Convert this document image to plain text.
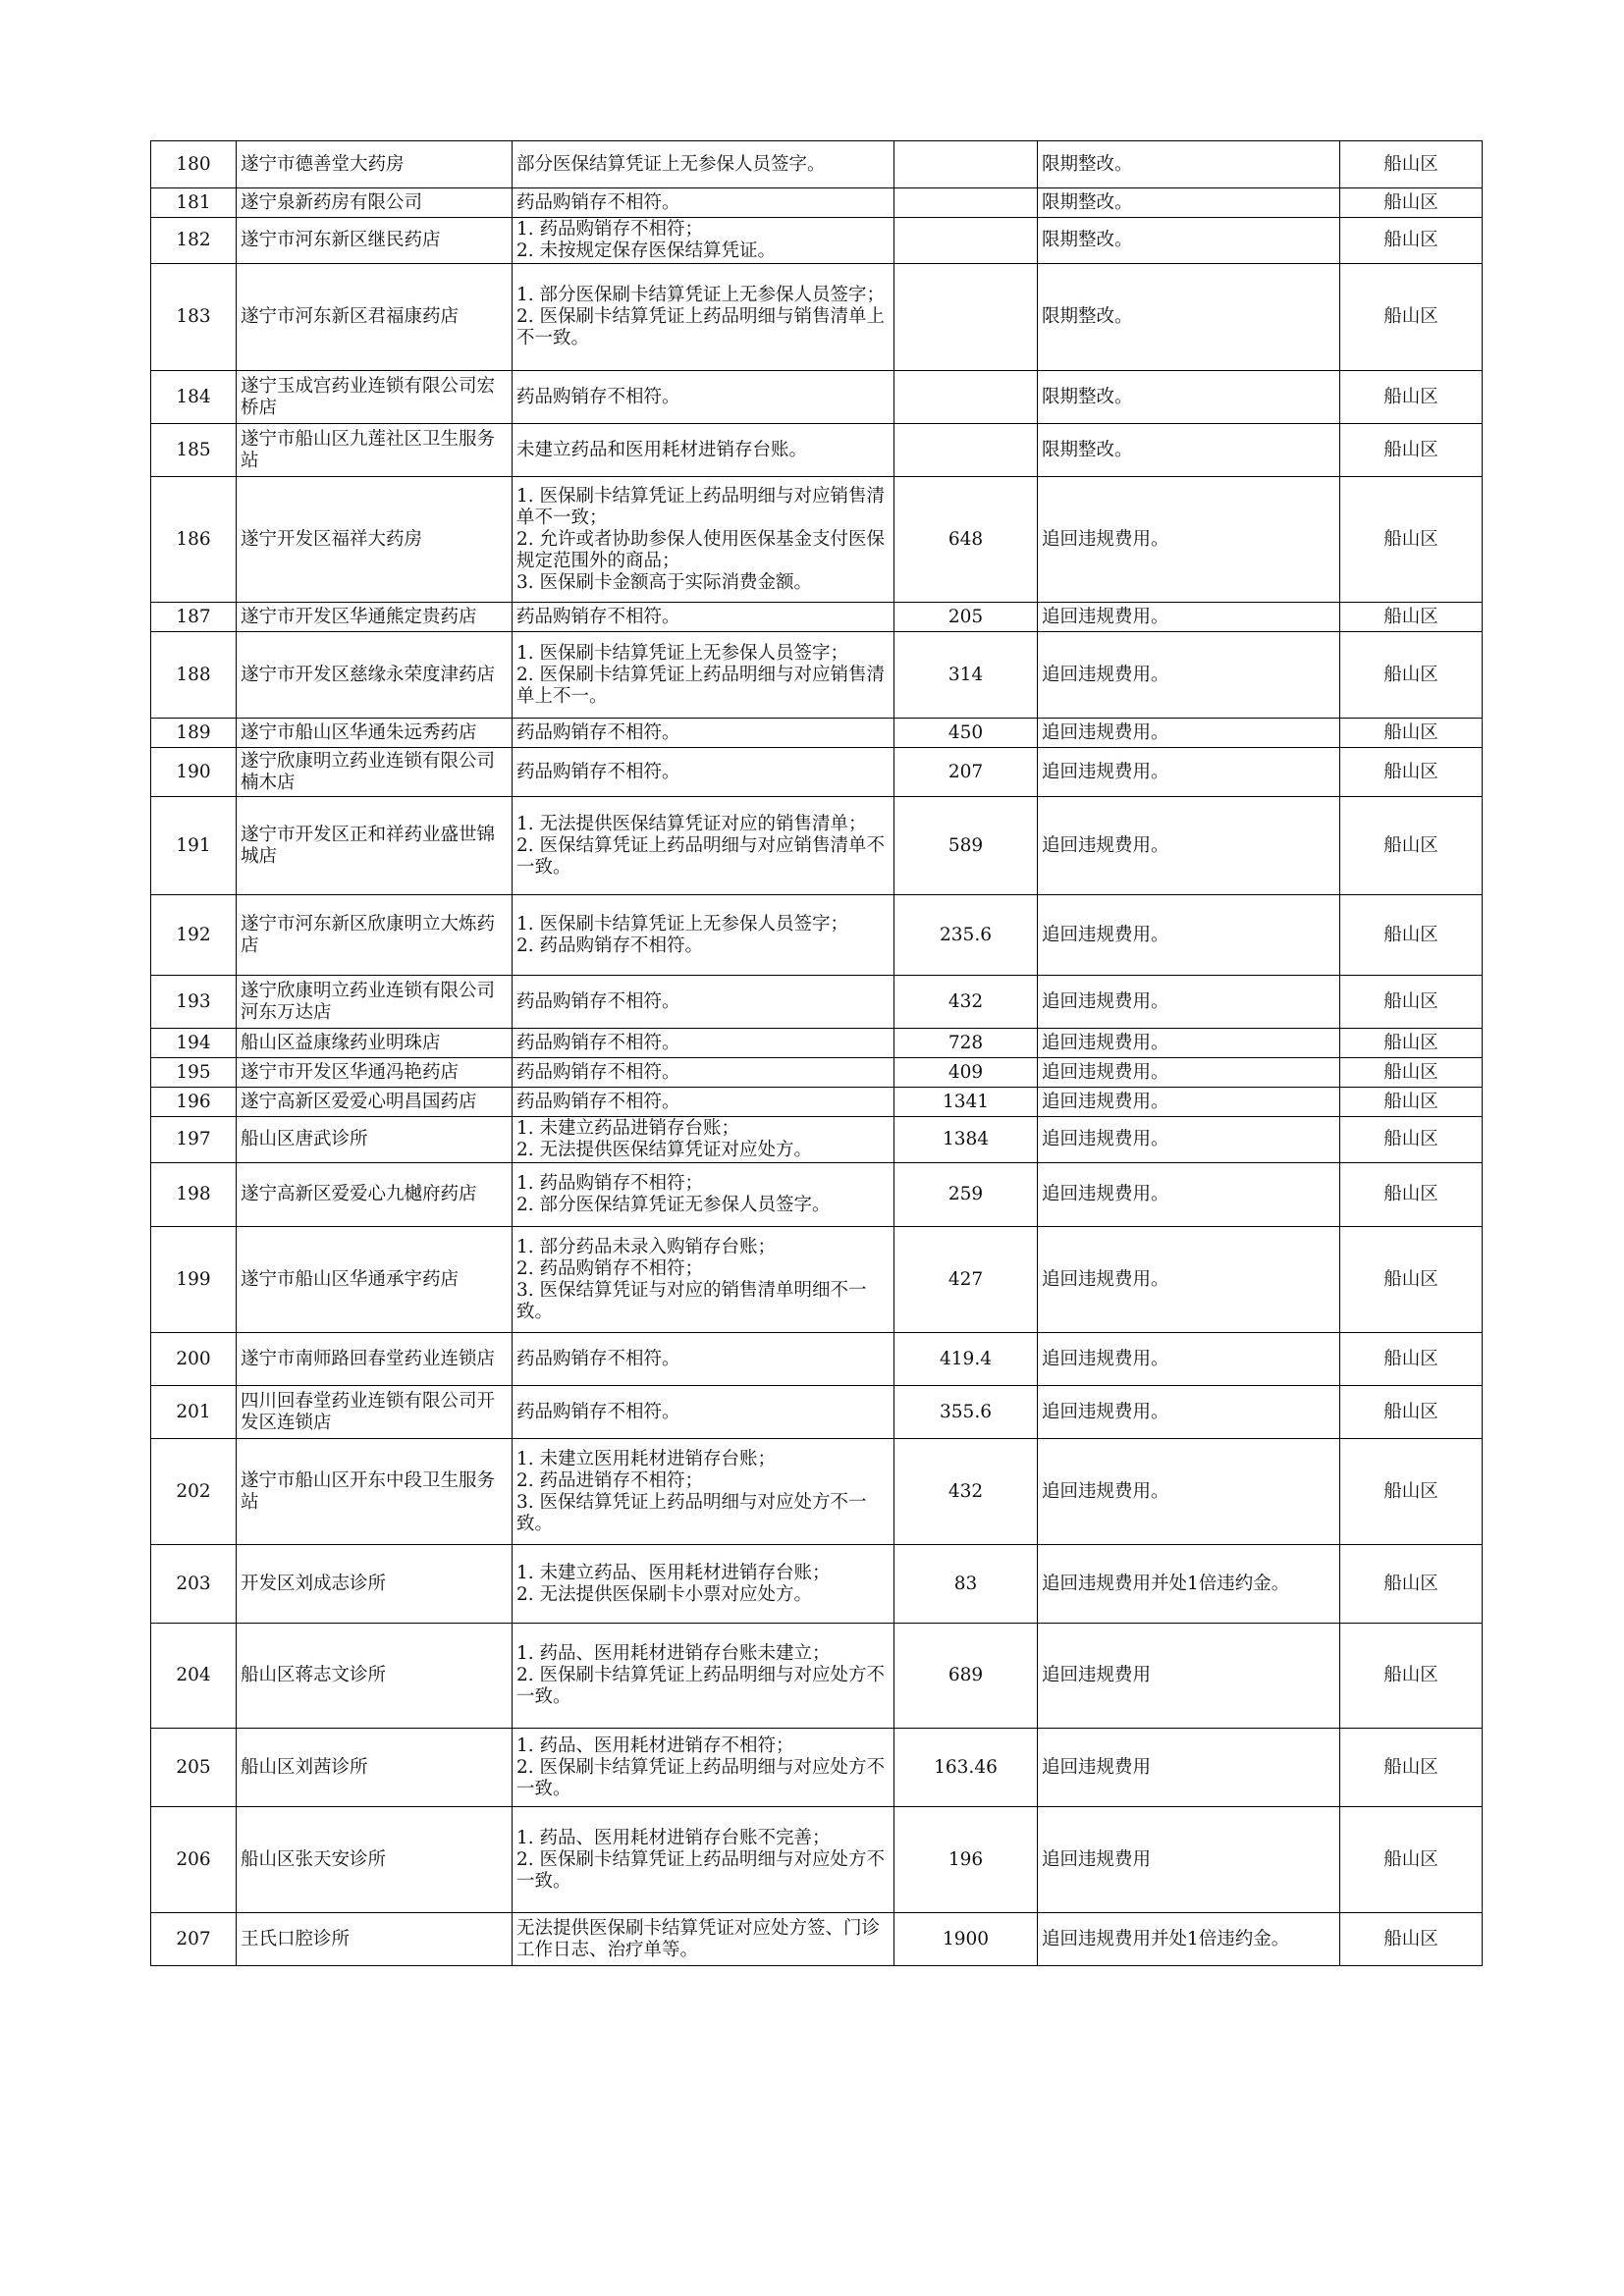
180	遂宁市德善堂大药房	部分医保结算凭证上无参保人员签字。		限期整改。	船山区
181	遂宁泉新药房有限公司	药品购销存不相符。		限期整改。	船山区
182	遂宁市河东新区继民药店	1. 药品购销存不相符；
2. 未按规定保存医保结算凭证。		限期整改。	船山区
183	遂宁市河东新区君福康药店	1. 部分医保刷卡结算凭证上无参保人员签字；
2. 医保刷卡结算凭证上药品明细与销售清单上不一致。		限期整改。	船山区
184	遂宁玉成宫药业连锁有限公司宏桥店	药品购销存不相符。		限期整改。	船山区
185	遂宁市船山区九莲社区卫生服务站	未建立药品和医用耗材进销存台账。		限期整改。	船山区
186	遂宁开发区福祥大药房	1. 医保刷卡结算凭证上药品明细与对应销售清单不一致；
2. 允许或者协助参保人使用医保基金支付医保规定范围外的商品；
3. 医保刷卡金额高于实际消费金额。	648	追回违规费用。	船山区
187	遂宁市开发区华通熊定贵药店	药品购销存不相符。	205	追回违规费用。	船山区
188	遂宁市开发区慈缘永荣度津药店	1. 医保刷卡结算凭证上无参保人员签字；
2. 医保刷卡结算凭证上药品明细与对应销售清单上不一。	314	追回违规费用。	船山区
189	遂宁市船山区华通朱远秀药店	药品购销存不相符。	450	追回违规费用。	船山区
190	遂宁欣康明立药业连锁有限公司楠木店	药品购销存不相符。	207	追回违规费用。	船山区
191	遂宁市开发区正和祥药业盛世锦城店	1. 无法提供医保结算凭证对应的销售清单；
2. 医保结算凭证上药品明细与对应销售清单不一致。	589	追回违规费用。	船山区
192	遂宁市河东新区欣康明立大炼药店	1. 医保刷卡结算凭证上无参保人员签字；
2. 药品购销存不相符。	235.6	追回违规费用。	船山区
193	遂宁欣康明立药业连锁有限公司河东万达店	药品购销存不相符。	432	追回违规费用。	船山区
194	船山区益康缘药业明珠店	药品购销存不相符。	728	追回违规费用。	船山区
195	遂宁市开发区华通冯艳药店	药品购销存不相符。	409	追回违规费用。	船山区
196	遂宁高新区爱爱心明昌国药店	药品购销存不相符。	1341	追回违规费用。	船山区
197	船山区唐武诊所	1. 未建立药品进销存台账；
2. 无法提供医保结算凭证对应处方。	1384	追回违规费用。	船山区
198	遂宁高新区爱爱心九樾府药店	1. 药品购销存不相符；
2. 部分医保结算凭证无参保人员签字。	259	追回违规费用。	船山区
199	遂宁市船山区华通承宇药店	1. 部分药品未录入购销存台账；
2. 药品购销存不相符；
3. 医保结算凭证与对应的销售清单明细不一致。	427	追回违规费用。	船山区
200	遂宁市南师路回春堂药业连锁店	药品购销存不相符。	419.4	追回违规费用。	船山区
201	四川回春堂药业连锁有限公司开发区连锁店	药品购销存不相符。	355.6	追回违规费用。	船山区
202	遂宁市船山区开东中段卫生服务站	1. 未建立医用耗材进销存台账；
2. 药品进销存不相符；
3. 医保结算凭证上药品明细与对应处方不一致。	432	追回违规费用。	船山区
203	开发区刘成志诊所	1. 未建立药品、医用耗材进销存台账；
2. 无法提供医保刷卡小票对应处方。	83	追回违规费用并处1倍违约金。	船山区
204	船山区蒋志文诊所	1. 药品、医用耗材进销存台账未建立；
2. 医保刷卡结算凭证上药品明细与对应处方不一致。	689	追回违规费用	船山区
205	船山区刘茜诊所	1. 药品、医用耗材进销存不相符；
2. 医保刷卡结算凭证上药品明细与对应处方不一致。	163.46	追回违规费用	船山区
206	船山区张天安诊所	1. 药品、医用耗材进销存台账不完善；
2. 医保刷卡结算凭证上药品明细与对应处方不一致。	196	追回违规费用	船山区
207	王氏口腔诊所	无法提供医保刷卡结算凭证对应处方签、门诊工作日志、治疗单等。	1900	追回违规费用并处1倍违约金。	船山区
